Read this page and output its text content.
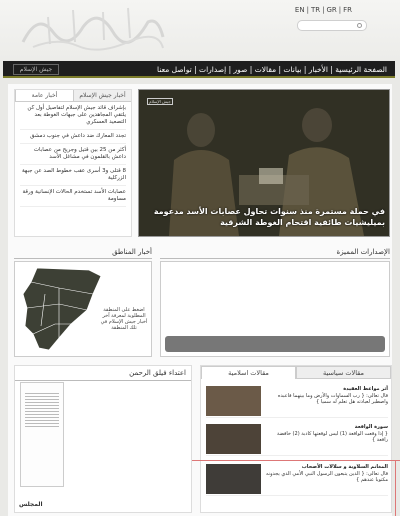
EN | TR | GR | FR
جيش الإسلام	الصفحة الرئيسية | الأخبار | بيانات | مقالات | صور | إصدارات | تواصل معنا
أخبار عامة	أخبار جيش الإسلام
بإشراف قائد جيش الإسلام لتفاصيل أول كن يلتقي المجاهدين على جبهات الغوطة بعد التصعيد العسكري
تجدد المعارك ضد داعش في جنوب دمشق
أكثر من 25 بين قتيل وجريح من عصابات داعش بالقلمون في مشاغل الأسد
8 قتلى و3 أسرى عقب خطوط الصد عن جبهة الزركلية
عصابات الأسد تستخدم الحالات الإنسانية ورقة مساومة
جيش الإسلام
في حملة مستمرة منذ سنوات تحاول عصابات الأسد مدعومة بميليشيات طائفية اقتحام الغوطة الشرقية
أخبار المناطق
اضغط على المنطقة المطلوبة لمعرفة آخر أخبار جيش الإسلام في تلك المنطقة
الإصدارات المميزة
اعتداء فيلق الرحمن
المجلس
مقالات اسلامية	مقالات سياسية
أثر مواعظ العقيدة
قال تعالى: { رب السماوات والأرض وما بينهما فاعبده واصطبر لعبادته هل تعلم له سميا }
سورة الواقعة
{ إذا وقعت الواقعة (1) ليس لوقعتها كاذبة (2) خافضة رافعة }
المغانم السلاوية و سلالات الأصحاب
قال تعالى: { الذين يتبعون الرسول النبي الأمي الذي يجدونه مكتوبا عندهم }
